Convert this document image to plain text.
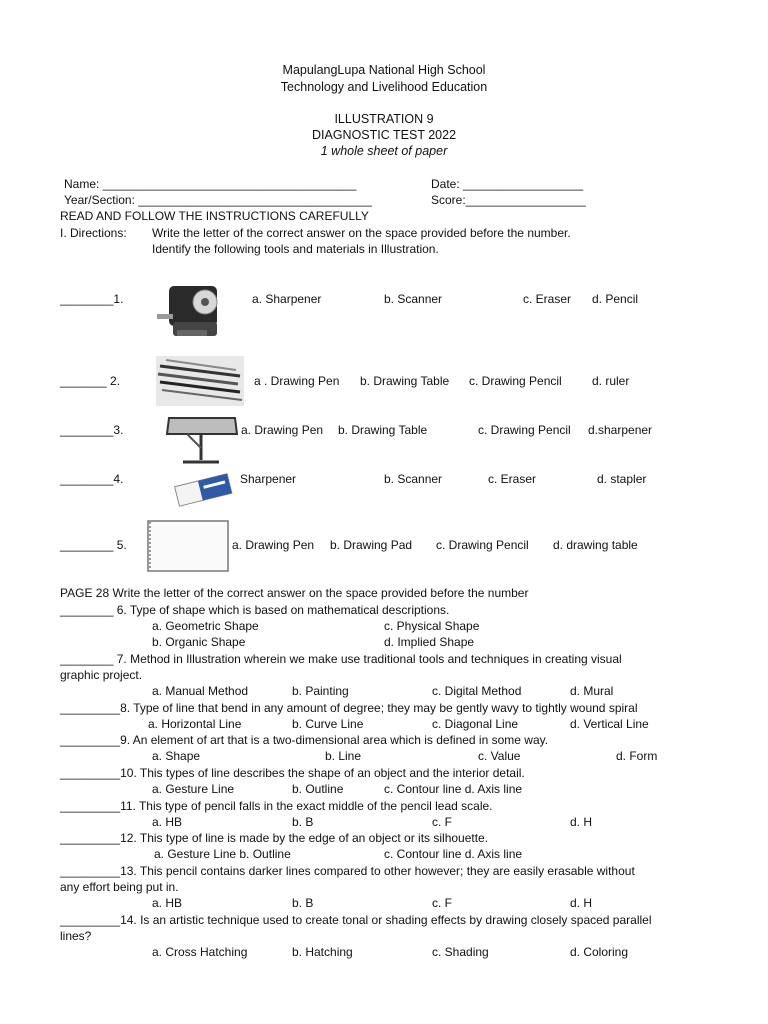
MapulangLupa National High School
Technology and Livelihood Education
ILLUSTRATION 9
DIAGNOSTIC TEST 2022
1 whole sheet of paper
Name: ______________________________________	Date: __________________
Year/Section: ___________________________________	Score:__________________
READ AND FOLLOW THE INSTRUCTIONS CAREFULLY
I. Directions: Write the letter of the correct answer on the space provided before the number.
Identify the following tools and materials in Illustration.
________1.	a. Sharpener	b. Scanner	c. Eraser d. Pencil
_______ 2.	a . Drawing Pen b. Drawing Table c. Drawing Pencil	d. ruler
________3.	a. Drawing Pen b. Drawing Table	c. Drawing Pencil d.sharpener
________4.	Sharpener	b. Scanner	c. Eraser	d. stapler
________ 5.	a. Drawing Pen b. Drawing Pad c. Drawing Pencil d. drawing table
PAGE 28 Write the letter of the correct answer on the space provided before the number
________ 6. Type of shape which is based on mathematical descriptions.
a. Geometric Shape	c. Physical Shape
b. Organic Shape	d. Implied Shape
________ 7. Method in Illustration wherein we make use traditional tools and techniques in creating visual
graphic project.
a. Manual Method	b. Painting	c. Digital Method	d. Mural
_________8. Type of line that bend in any amount of degree; they may be gently wavy to tightly wound spiral
a. Horizontal Line	b. Curve Line	c. Diagonal Line	d. Vertical Line
_________9. An element of art that is a two-dimensional area which is defined in some way.
a. Shape	b. Line	c. Value	d. Form
_________10. This types of line describes the shape of an object and the interior detail.
a. Gesture Line	b. Outline	c. Contour line d. Axis line
_________11. This type of pencil falls in the exact middle of the pencil lead scale.
a. HB	b. B	c. F	d. H
_________12. This type of line is made by the edge of an object or its silhouette.
a. Gesture Line b. Outline	c. Contour line d. Axis line
_________13. This pencil contains darker lines compared to other however; they are easily erasable without
any effort being put in.
a. HB	b. B	c. F	d. H
_________14. Is an artistic technique used to create tonal or shading effects by drawing closely spaced parallel
lines?
a. Cross Hatching	b. Hatching	c. Shading	d. Coloring
